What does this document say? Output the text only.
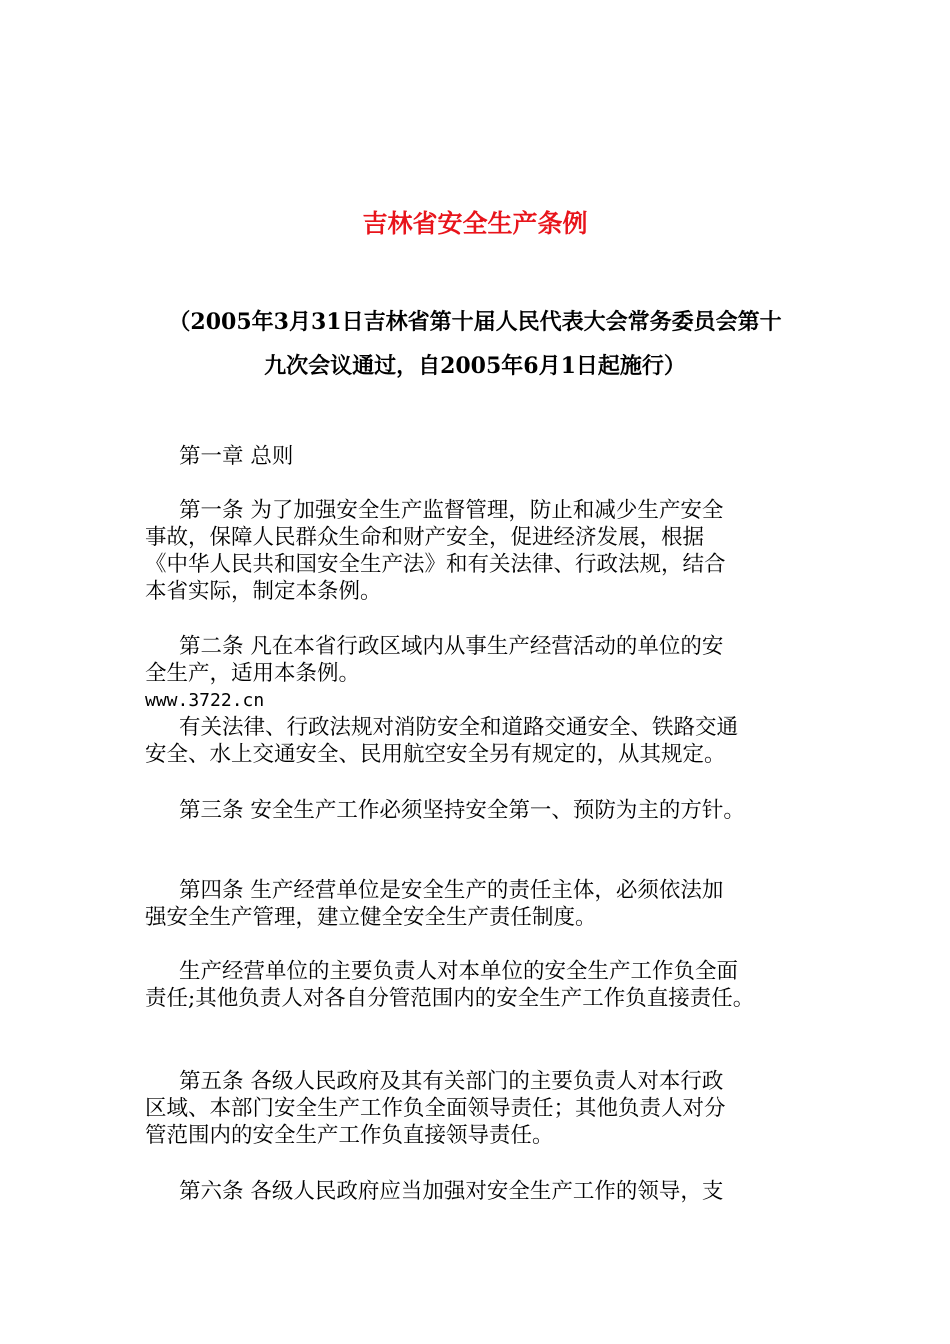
吉林省安全生产条例
（2005年3月31日吉林省第十届人民代表大会常务委员会第十
九次会议通过，自2005年6月1日起施行）
第一章 总则
第一条 为了加强安全生产监督管理，防止和减少生产安全
事故，保障人民群众生命和财产安全，促进经济发展，根据
《中华人民共和国安全生产法》和有关法律、行政法规，结合
本省实际，制定本条例。
第二条 凡在本省行政区域内从事生产经营活动的单位的安
全生产，适用本条例。
www.3722.cn
有关法律、行政法规对消防安全和道路交通安全、铁路交通
安全、水上交通安全、民用航空安全另有规定的，从其规定。
第三条 安全生产工作必须坚持安全第一、预防为主的方针。
第四条 生产经营单位是安全生产的责任主体，必须依法加
强安全生产管理，建立健全安全生产责任制度。
生产经营单位的主要负责人对本单位的安全生产工作负全面
责任;其他负责人对各自分管范围内的安全生产工作负直接责任。
第五条 各级人民政府及其有关部门的主要负责人对本行政
区域、本部门安全生产工作负全面领导责任；其他负责人对分
管范围内的安全生产工作负直接领导责任。
第六条 各级人民政府应当加强对安全生产工作的领导，支
